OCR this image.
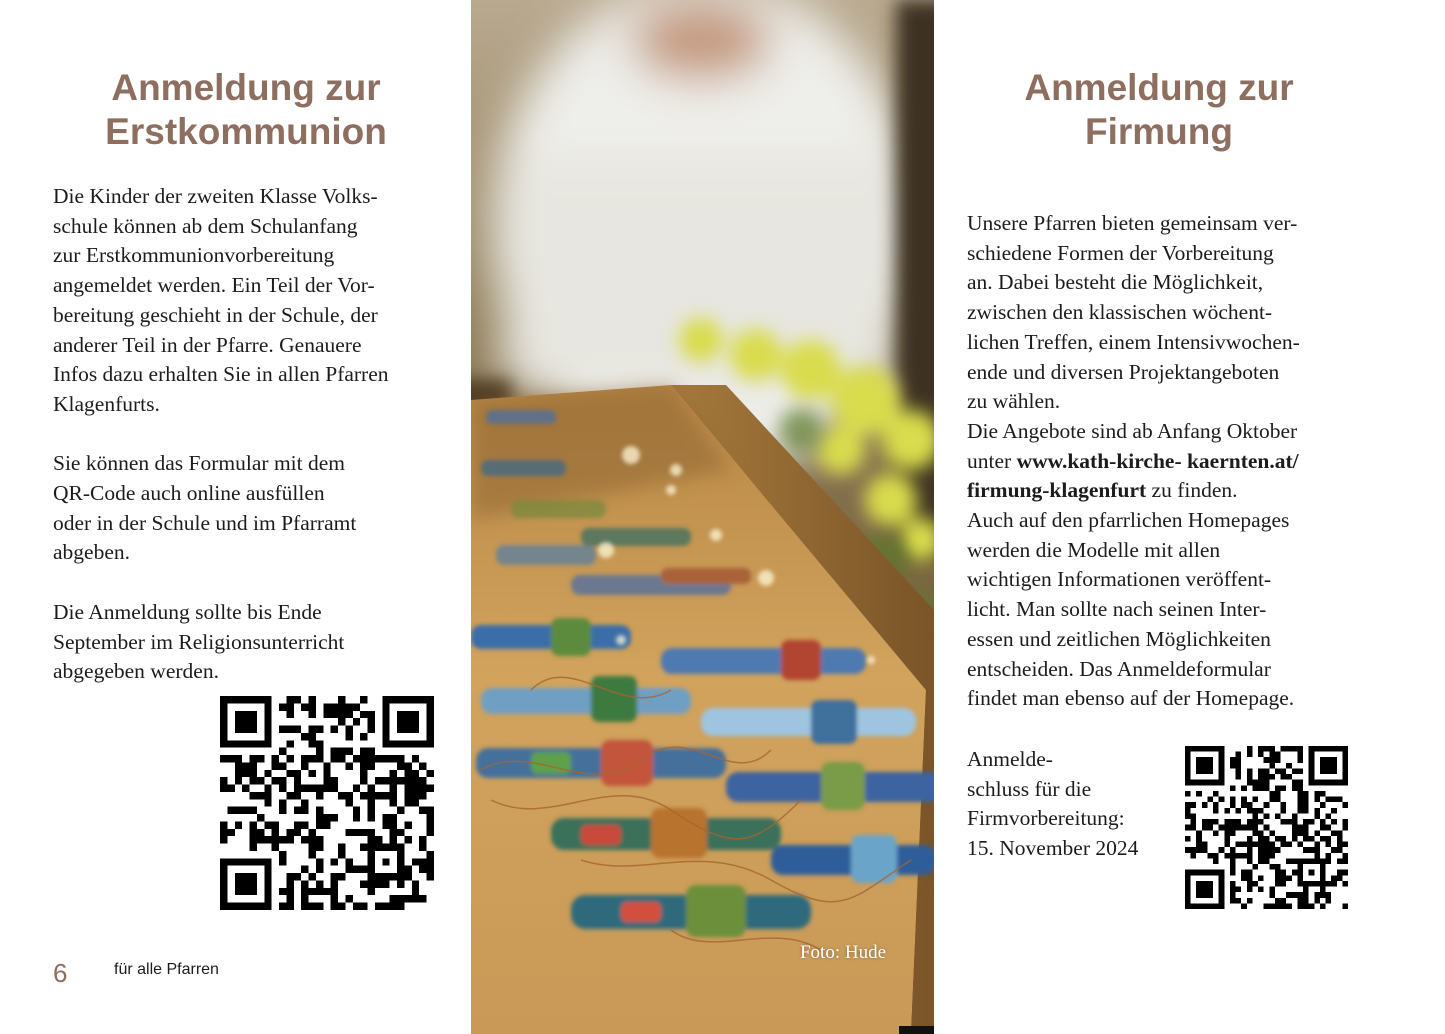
Anmeldung zur
Erstkommunion
Die Kinder der zweiten Klasse Volks-
schule können ab dem Schulanfang
zur Erstkommunionvorbereitung
angemeldet werden. Ein Teil der Vor-
bereitung geschieht in der Schule, der
anderer Teil in der Pfarre. Genauere
Infos dazu erhalten Sie in allen Pfarren
Klagenfurts.
Sie können das Formular mit dem
QR-Code auch online ausfüllen
oder in der Schule und im Pfarramt
abgeben.
Die Anmeldung sollte bis Ende
September im Religionsunterricht
abgegeben werden.
6	für alle Pfarren
Foto: Hude
Anmeldung zur
Firmung
Unsere Pfarren bieten gemeinsam ver-
schiedene Formen der Vorbereitung
an. Dabei besteht die Möglichkeit,
zwischen den klassischen wöchent-
lichen Treffen, einem Intensivwochen-
ende und diversen Projektangeboten
zu wählen.
Die Angebote sind ab Anfang Oktober
unter www.kath-kirche- kaernten.at/
firmung-klagenfurt zu finden.
Auch auf den pfarrlichen Homepages
werden die Modelle mit allen
wichtigen Informationen veröffent-
licht. Man sollte nach seinen Inter-
essen und zeitlichen Möglichkeiten
entscheiden. Das Anmeldeformular
findet man ebenso auf der Homepage.
Anmelde-
schluss für die
Firmvorbereitung:
15. November 2024
